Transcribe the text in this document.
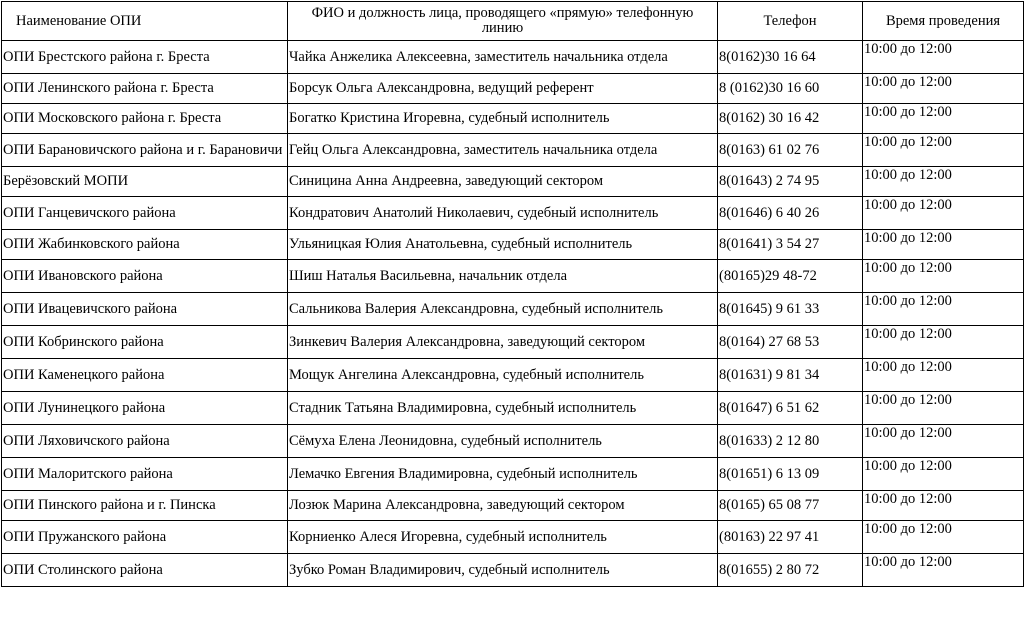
Наименование ОПИ	ФИО и должность лица, проводящего «прямую» телефонную линию	Телефон	Время проведения
ОПИ Брестского района г. Бреста	Чайка Анжелика Алексеевна, заместитель начальника отдела	8(0162)30 16 64	10:00 до 12:00
ОПИ Ленинского района г. Бреста	Борсук Ольга Александровна, ведущий референт	8 (0162)30 16 60	10:00 до 12:00
ОПИ Московского района г. Бреста	Богатко Кристина Игоревна, судебный исполнитель	8(0162) 30 16 42	10:00 до 12:00
ОПИ Барановичского района и г. Барановичи	Гейц Ольга Александровна, заместитель начальника отдела	8(0163) 61 02 76	10:00 до 12:00
Берёзовский МОПИ	Синицина Анна Андреевна, заведующий сектором	8(01643) 2 74 95	10:00 до 12:00
ОПИ Ганцевичского района	Кондратович Анатолий Николаевич, судебный исполнитель	8(01646) 6 40 26	10:00 до 12:00
ОПИ Жабинковского района	Ульяницкая Юлия Анатольевна, судебный исполнитель	8(01641) 3 54 27	10:00 до 12:00
ОПИ Ивановского района	Шиш Наталья Васильевна, начальник отдела	(80165)29 48-72	10:00 до 12:00
ОПИ Ивацевичского района	Сальникова Валерия Александровна, судебный исполнитель	8(01645) 9 61 33	10:00 до 12:00
ОПИ Кобринского района	Зинкевич Валерия Александровна, заведующий сектором	8(0164) 27 68 53	10:00 до 12:00
ОПИ Каменецкого района	Мощук Ангелина Александровна, судебный исполнитель	8(01631) 9 81 34	10:00 до 12:00
ОПИ Лунинецкого района	Стадник Татьяна Владимировна, судебный исполнитель	8(01647) 6 51 62	10:00 до 12:00
ОПИ Ляховичского района	Сёмуха Елена Леонидовна, судебный исполнитель	8(01633) 2 12 80	10:00 до 12:00
ОПИ Малоритского района	Лемачко Евгения Владимировна, судебный исполнитель	8(01651) 6 13 09	10:00 до 12:00
ОПИ Пинского района и г. Пинска	Лозюк Марина Александровна, заведующий сектором	8(0165) 65 08 77	10:00 до 12:00
ОПИ Пружанского района	Корниенко Алеся Игоревна, судебный исполнитель	(80163) 22 97 41	10:00 до 12:00
ОПИ Столинского района	Зубко Роман Владимирович, судебный исполнитель	8(01655) 2 80 72	10:00 до 12:00
